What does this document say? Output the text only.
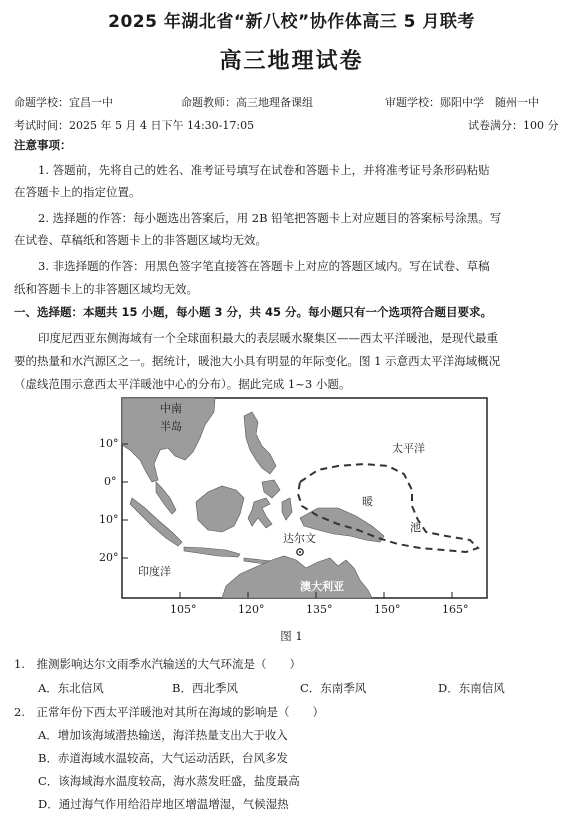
2025 年湖北省“新八校”协作体高三 5 月联考
高三地理试卷
命题学校：宜昌一中	命题教师：高三地理备课组	审题学校：郧阳中学　随州一中
考试时间：2025 年 5 月 4 日下午 14:30-17:05	试卷满分：100 分
注意事项：
1. 答题前，先将自己的姓名、准考证号填写在试卷和答题卡上，并将准考证号条形码粘贴
在答题卡上的指定位置。
2. 选择题的作答：每小题选出答案后，用 2B 铅笔把答题卡上对应题目的答案标号涂黑。写
在试卷、草稿纸和答题卡上的非答题区域均无效。
3. 非选择题的作答：用黑色签字笔直接答在答题卡上对应的答题区域内。写在试卷、草稿
纸和答题卡上的非答题区域均无效。
一、选择题：本题共 15 小题，每小题 3 分，共 45 分。每小题只有一个选项符合题目要求。
印度尼西亚东侧海域有一个全球面积最大的表层暖水聚集区——西太平洋暖池，是现代最重
要的热量和水汽源区之一。据统计，暖池大小具有明显的年际变化。图 1 示意西太平洋海域概况
（虚线范围示意西太平洋暖池中心的分布）。据此完成 1~3 小题。
中南
半岛
太平洋
暖
池
达尔文
印度洋
澳大利亚
10°
0°
10°
20°
105°	120°	135°	150°	165°
图 1
1.　推测影响达尔文雨季水汽输送的大气环流是（　　）
A．东北信风	B．西北季风	C．东南季风	D．东南信风
2.　正常年份下西太平洋暖池对其所在海域的影响是（　　）
A．增加该海域潜热输送，海洋热量支出大于收入
B．赤道海域水温较高，大气运动活跃，台风多发
C．该海域海水温度较高，海水蒸发旺盛，盐度最高
D．通过海气作用给沿岸地区增温增湿，气候湿热
